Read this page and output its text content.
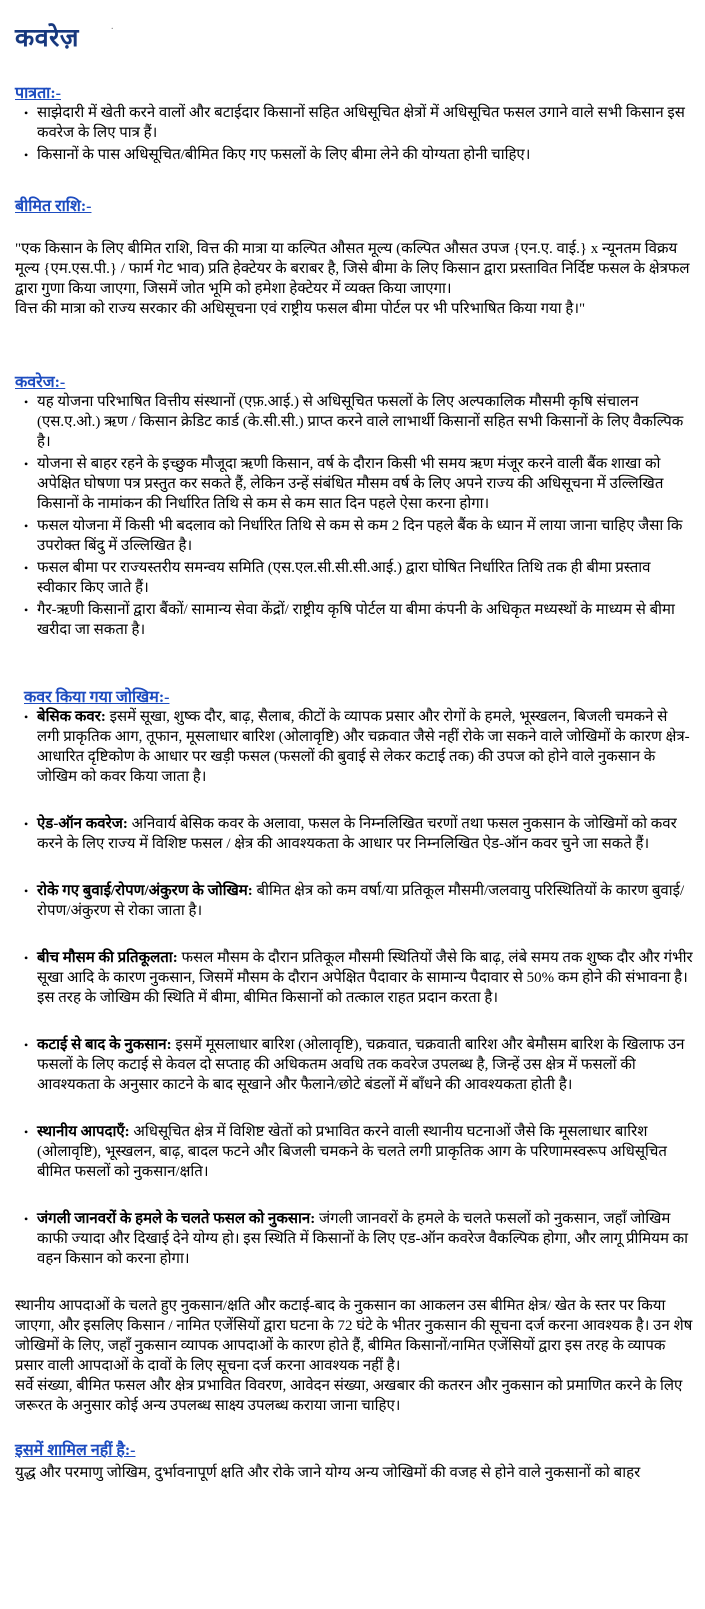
कवरेज़	.
पात्रता:-
• साझेदारी में खेती करने वालों और बटाईदार किसानों सहित अधिसूचित क्षेत्रों में अधिसूचित फसल उगाने वाले सभी किसान इस कवरेज के लिए पात्र हैं।
• किसानों के पास अधिसूचित/बीमित किए गए फसलों के लिए बीमा लेने की योग्यता होनी चाहिए।
बीमित राशि:-

"एक किसान के लिए बीमित राशि, वित्त की मात्रा या कल्पित औसत मूल्य (कल्पित औसत उपज {एन.ए. वाई.} x न्यूनतम विक्रय मूल्य {एम.एस.पी.} / फार्म गेट भाव) प्रति हेक्टेयर के बराबर है, जिसे बीमा के लिए किसान द्वारा प्रस्तावित निर्दिष्ट फसल के क्षेत्रफल द्वारा गुणा किया जाएगा, जिसमें जोत भूमि को हमेशा हेक्टेयर में व्यक्त किया जाएगा।

वित्त की मात्रा को राज्य सरकार की अधिसूचना एवं राष्ट्रीय फसल बीमा पोर्टल पर भी परिभाषित किया गया है।"

कवरेज:-
• यह योजना परिभाषित वित्तीय संस्थानों (एफ़.आई.) से अधिसूचित फसलों के लिए अल्पकालिक मौसमी कृषि संचालन (एस.ए.ओ.) ऋण / किसान क्रेडिट कार्ड (के.सी.सी.) प्राप्त करने वाले लाभार्थी किसानों सहित सभी किसानों के लिए वैकल्पिक है।
• योजना से बाहर रहने के इच्छुक मौजूदा ऋणी किसान, वर्ष के दौरान किसी भी समय ऋण मंजूर करने वाली बैंक शाखा को अपेक्षित घोषणा पत्र प्रस्तुत कर सकते हैं, लेकिन उन्हें संबंधित मौसम वर्ष के लिए अपने राज्य की अधिसूचना में उल्लिखित किसानों के नामांकन की निर्धारित तिथि से कम से कम सात दिन पहले ऐसा करना होगा।
• फसल योजना में किसी भी बदलाव को निर्धारित तिथि से कम से कम 2 दिन पहले बैंक के ध्यान में लाया जाना चाहिए जैसा कि उपरोक्त बिंदु में उल्लिखित है।
• फसल बीमा पर राज्यस्तरीय समन्वय समिति (एस.एल.सी.सी.सी.आई.) द्वारा घोषित निर्धारित तिथि तक ही बीमा प्रस्ताव स्वीकार किए जाते हैं।
• गैर-ऋणी किसानों द्वारा बैंकों/ सामान्य सेवा केंद्रों/ राष्ट्रीय कृषि पोर्टल या बीमा कंपनी के अधिकृत मध्यस्थों के माध्यम से बीमा खरीदा जा सकता है।
कवर किया गया जोखिम:-
• बेसिक कवर: इसमें सूखा, शुष्क दौर, बाढ़, सैलाब, कीटों के व्यापक प्रसार और रोगों के हमले, भूस्खलन, बिजली चमकने से लगी प्राकृतिक आग, तूफान, मूसलाधार बारिश (ओलावृष्टि) और चक्रवात जैसे नहीं रोके जा सकने वाले जोखिमों के कारण क्षेत्र-आधारित दृष्टिकोण के आधार पर खड़ी फसल (फसलों की बुवाई से लेकर कटाई तक) की उपज को होने वाले नुकसान के जोखिम को कवर किया जाता है।
• ऐड-ऑन कवरेज: अनिवार्य बेसिक कवर के अलावा, फसल के निम्नलिखित चरणों तथा फसल नुकसान के जोखिमों को कवर करने के लिए राज्य में विशिष्ट फसल / क्षेत्र की आवश्यकता के आधार पर निम्नलिखित ऐड-ऑन कवर चुने जा सकते हैं।
• रोके गए बुवाई/रोपण/अंकुरण के जोखिम: बीमित क्षेत्र को कम वर्षा/या प्रतिकूल मौसमी/जलवायु परिस्थितियों के कारण बुवाई/रोपण/अंकुरण से रोका जाता है।
• बीच मौसम की प्रतिकूलता: फसल मौसम के दौरान प्रतिकूल मौसमी स्थितियों जैसे कि बाढ़, लंबे समय तक शुष्क दौर और गंभीर सूखा आदि के कारण नुकसान, जिसमें मौसम के दौरान अपेक्षित पैदावार के सामान्य पैदावार से 50% कम होने की संभावना है। इस तरह के जोखिम की स्थिति में बीमा, बीमित किसानों को तत्काल राहत प्रदान करता है।
• कटाई से बाद के नुकसान: इसमें मूसलाधार बारिश (ओलावृष्टि), चक्रवात, चक्रवाती बारिश और बेमौसम बारिश के खिलाफ उन फसलों के लिए कटाई से केवल दो सप्ताह की अधिकतम अवधि तक कवरेज उपलब्ध है, जिन्हें उस क्षेत्र में फसलों की आवश्यकता के अनुसार काटने के बाद सूखाने और फैलाने/छोटे बंडलों में बाँधने की आवश्यकता होती है।
• स्थानीय आपदाएँ: अधिसूचित क्षेत्र में विशिष्ट खेतों को प्रभावित करने वाली स्थानीय घटनाओं जैसे कि मूसलाधार बारिश (ओलावृष्टि), भूस्खलन, बाढ़, बादल फटने और बिजली चमकने के चलते लगी प्राकृतिक आग के परिणामस्वरूप अधिसूचित बीमित फसलों को नुकसान/क्षति।
• जंगली जानवरों के हमले के चलते फसल को नुकसान: जंगली जानवरों के हमले के चलते फसलों को नुकसान, जहाँ जोखिम काफी ज्यादा और दिखाई देने योग्य हो। इस स्थिति में किसानों के लिए एड-ऑन कवरेज वैकल्पिक होगा, और लागू प्रीमियम का वहन किसान को करना होगा।

स्थानीय आपदाओं के चलते हुए नुकसान/क्षति और कटाई-बाद के नुकसान का आकलन उस बीमित क्षेत्र/ खेत के स्तर पर किया जाएगा, और इसलिए किसान / नामित एजेंसियों द्वारा घटना के 72 घंटे के भीतर नुकसान की सूचना दर्ज करना आवश्यक है। उन शेष जोखिमों के लिए, जहाँ नुकसान व्यापक आपदाओं के कारण होते हैं, बीमित किसानों/नामित एजेंसियों द्वारा इस तरह के व्यापक प्रसार वाली आपदाओं के दावों के लिए सूचना दर्ज करना आवश्यक नहीं है।

सर्वे संख्या, बीमित फसल और क्षेत्र प्रभावित विवरण, आवेदन संख्या, अखबार की कतरन और नुकसान को प्रमाणित करने के लिए जरूरत के अनुसार कोई अन्य उपलब्ध साक्ष्य उपलब्ध कराया जाना चाहिए।

इसमें शामिल नहीं है:-

युद्ध और परमाणु जोखिम, दुर्भावनापूर्ण क्षति और रोके जाने योग्य अन्य जोखिमों की वजह से होने वाले नुकसानों को बाहर
